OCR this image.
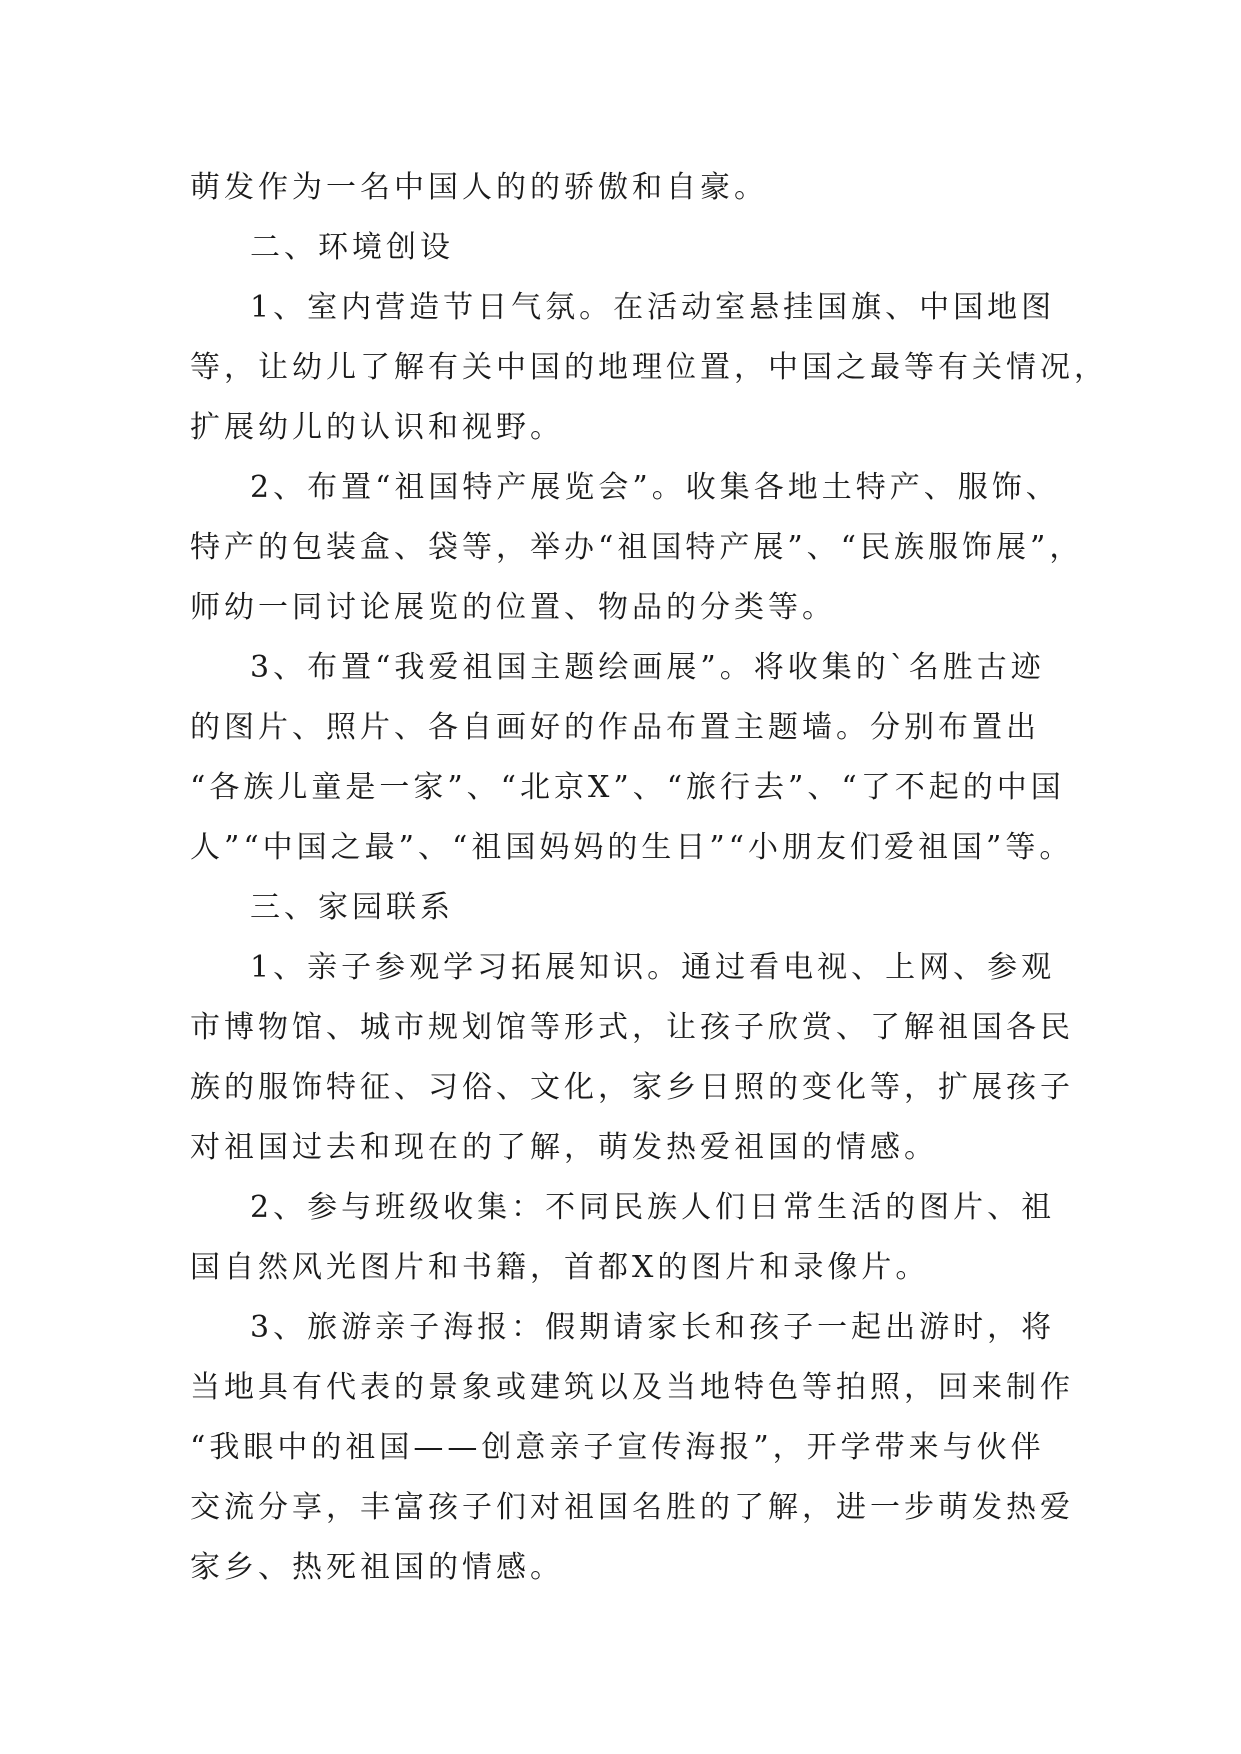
萌发作为一名中国人的的骄傲和自豪。
二、环境创设
1、室内营造节日气氛。在活动室悬挂国旗、中国地图
等，让幼儿了解有关中国的地理位置，中国之最等有关情况，
扩展幼儿的认识和视野。
2、布置“祖国特产展览会”。收集各地土特产、服饰、
特产的包装盒、袋等，举办“祖国特产展”、“民族服饰展”，
师幼一同讨论展览的位置、物品的分类等。
3、布置“我爱祖国主题绘画展”。将收集的`名胜古迹
的图片、照片、各自画好的作品布置主题墙。分别布置出
“各族儿童是一家”、“北京X”、“旅行去”、“了不起的中国
人”“中国之最”、“祖国妈妈的生日”“小朋友们爱祖国”等。
三、家园联系
1、亲子参观学习拓展知识。通过看电视、上网、参观
市博物馆、城市规划馆等形式，让孩子欣赏、了解祖国各民
族的服饰特征、习俗、文化，家乡日照的变化等，扩展孩子
对祖国过去和现在的了解，萌发热爱祖国的情感。
2、参与班级收集：不同民族人们日常生活的图片、祖
国自然风光图片和书籍，首都X的图片和录像片。
3、旅游亲子海报：假期请家长和孩子一起出游时，将
当地具有代表的景象或建筑以及当地特色等拍照，回来制作
“我眼中的祖国——创意亲子宣传海报”，开学带来与伙伴
交流分享，丰富孩子们对祖国名胜的了解，进一步萌发热爱
家乡、热死祖国的情感。
